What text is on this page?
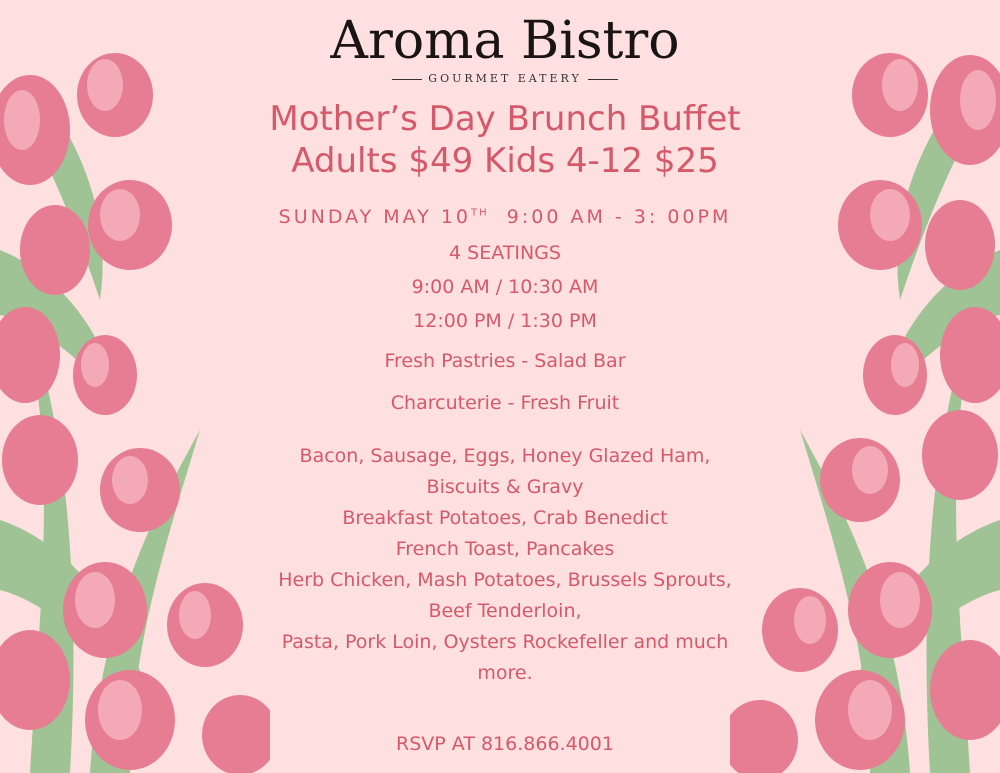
Aroma Bistro
GOURMET EATERY
Mother’s Day Brunch Buffet
Adults $49 Kids 4-12 $25
SUNDAY MAY 10TH 9:00 AM - 3: 00PM
4 SEATINGS
9:00 AM / 10:30 AM
12:00 PM / 1:30 PM
Fresh Pastries - Salad Bar
Charcuterie - Fresh Fruit
Bacon, Sausage, Eggs, Honey Glazed Ham,
Biscuits & Gravy
Breakfast Potatoes, Crab Benedict
French Toast, Pancakes
Herb Chicken, Mash Potatoes, Brussels Sprouts,
Beef Tenderloin,
Pasta, Pork Loin, Oysters Rockefeller and much
more.
RSVP AT 816.866.4001
